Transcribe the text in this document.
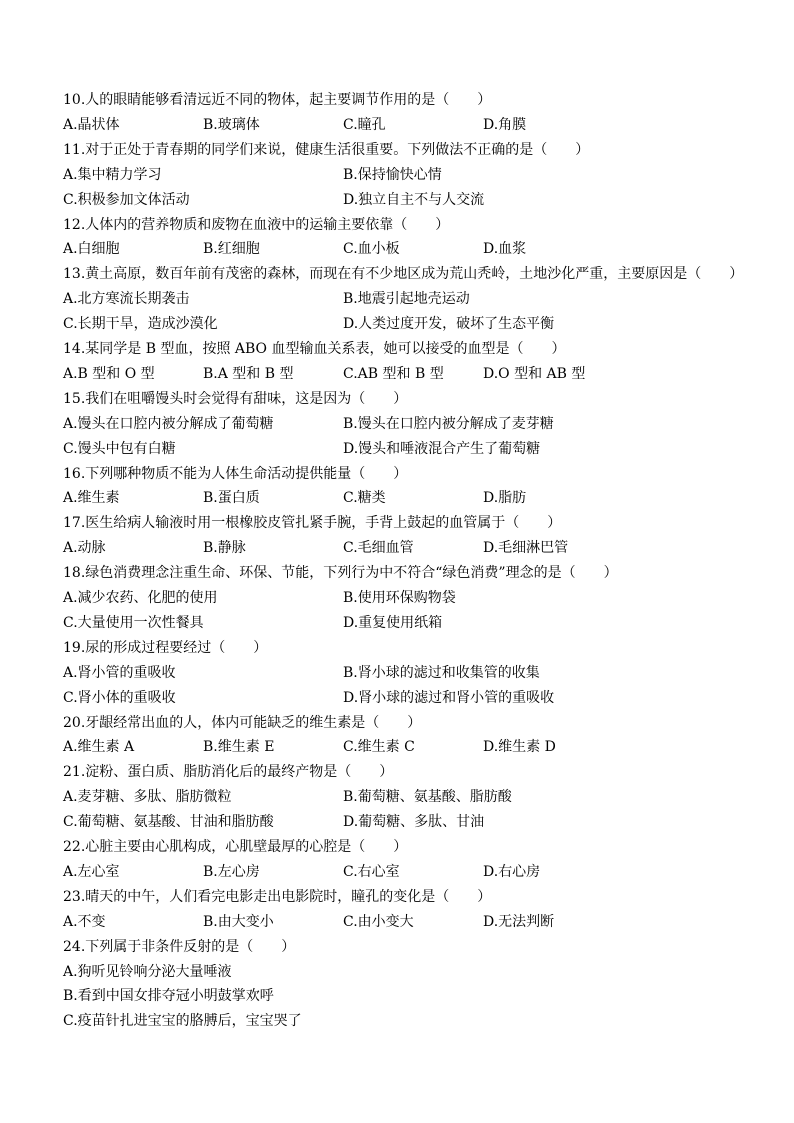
10.人的眼睛能够看清远近不同的物体，起主要调节作用的是（　　）
A.晶状体	B.玻璃体	C.瞳孔	D.角膜
11.对于正处于青春期的同学们来说，健康生活很重要。下列做法不正确的是（　　）
A.集中精力学习	B.保持愉快心情
C.积极参加文体活动	D.独立自主不与人交流
12.人体内的营养物质和废物在血液中的运输主要依靠（　　）
A.白细胞	B.红细胞	C.血小板	D.血浆
13.黄土高原，数百年前有茂密的森林，而现在有不少地区成为荒山秃岭，土地沙化严重，主要原因是（　　）
A.北方寒流长期袭击	B.地震引起地壳运动
C.长期干旱，造成沙漠化	D.人类过度开发，破坏了生态平衡
14.某同学是 B 型血，按照 ABO 血型输血关系表，她可以接受的血型是（　　）
A.B 型和 O 型	B.A 型和 B 型	C.AB 型和 B 型	D.O 型和 AB 型
15.我们在咀嚼馒头时会觉得有甜味，这是因为（　　）
A.馒头在口腔内被分解成了葡萄糖	B.馒头在口腔内被分解成了麦芽糖
C.馒头中包有白糖	D.馒头和唾液混合产生了葡萄糖
16.下列哪种物质不能为人体生命活动提供能量（　　）
A.维生素	B.蛋白质	C.糖类	D.脂肪
17.医生给病人输液时用一根橡胶皮管扎紧手腕，手背上鼓起的血管属于（　　）
A.动脉	B.静脉	C.毛细血管	D.毛细淋巴管
18.绿色消费理念注重生命、环保、节能，下列行为中不符合“绿色消费”理念的是（　　）
A.减少农药、化肥的使用	B.使用环保购物袋
C.大量使用一次性餐具	D.重复使用纸箱
19.尿的形成过程要经过（　　）
A.肾小管的重吸收	B.肾小球的滤过和收集管的收集
C.肾小体的重吸收	D.肾小球的滤过和肾小管的重吸收
20.牙龈经常出血的人，体内可能缺乏的维生素是（　　）
A.维生素 A	B.维生素 E	C.维生素 C	D.维生素 D
21.淀粉、蛋白质、脂肪消化后的最终产物是（　　）
A.麦芽糖、多肽、脂肪微粒	B.葡萄糖、氨基酸、脂肪酸
C.葡萄糖、氨基酸、甘油和脂肪酸	D.葡萄糖、多肽、甘油
22.心脏主要由心肌构成，心肌壁最厚的心腔是（　　）
A.左心室	B.左心房	C.右心室	D.右心房
23.晴天的中午，人们看完电影走出电影院时，瞳孔的变化是（　　）
A.不变	B.由大变小	C.由小变大	D.无法判断
24.下列属于非条件反射的是（　　）
A.狗听见铃响分泌大量唾液
B.看到中国女排夺冠小明鼓掌欢呼
C.疫苗针扎进宝宝的胳膊后，宝宝哭了
